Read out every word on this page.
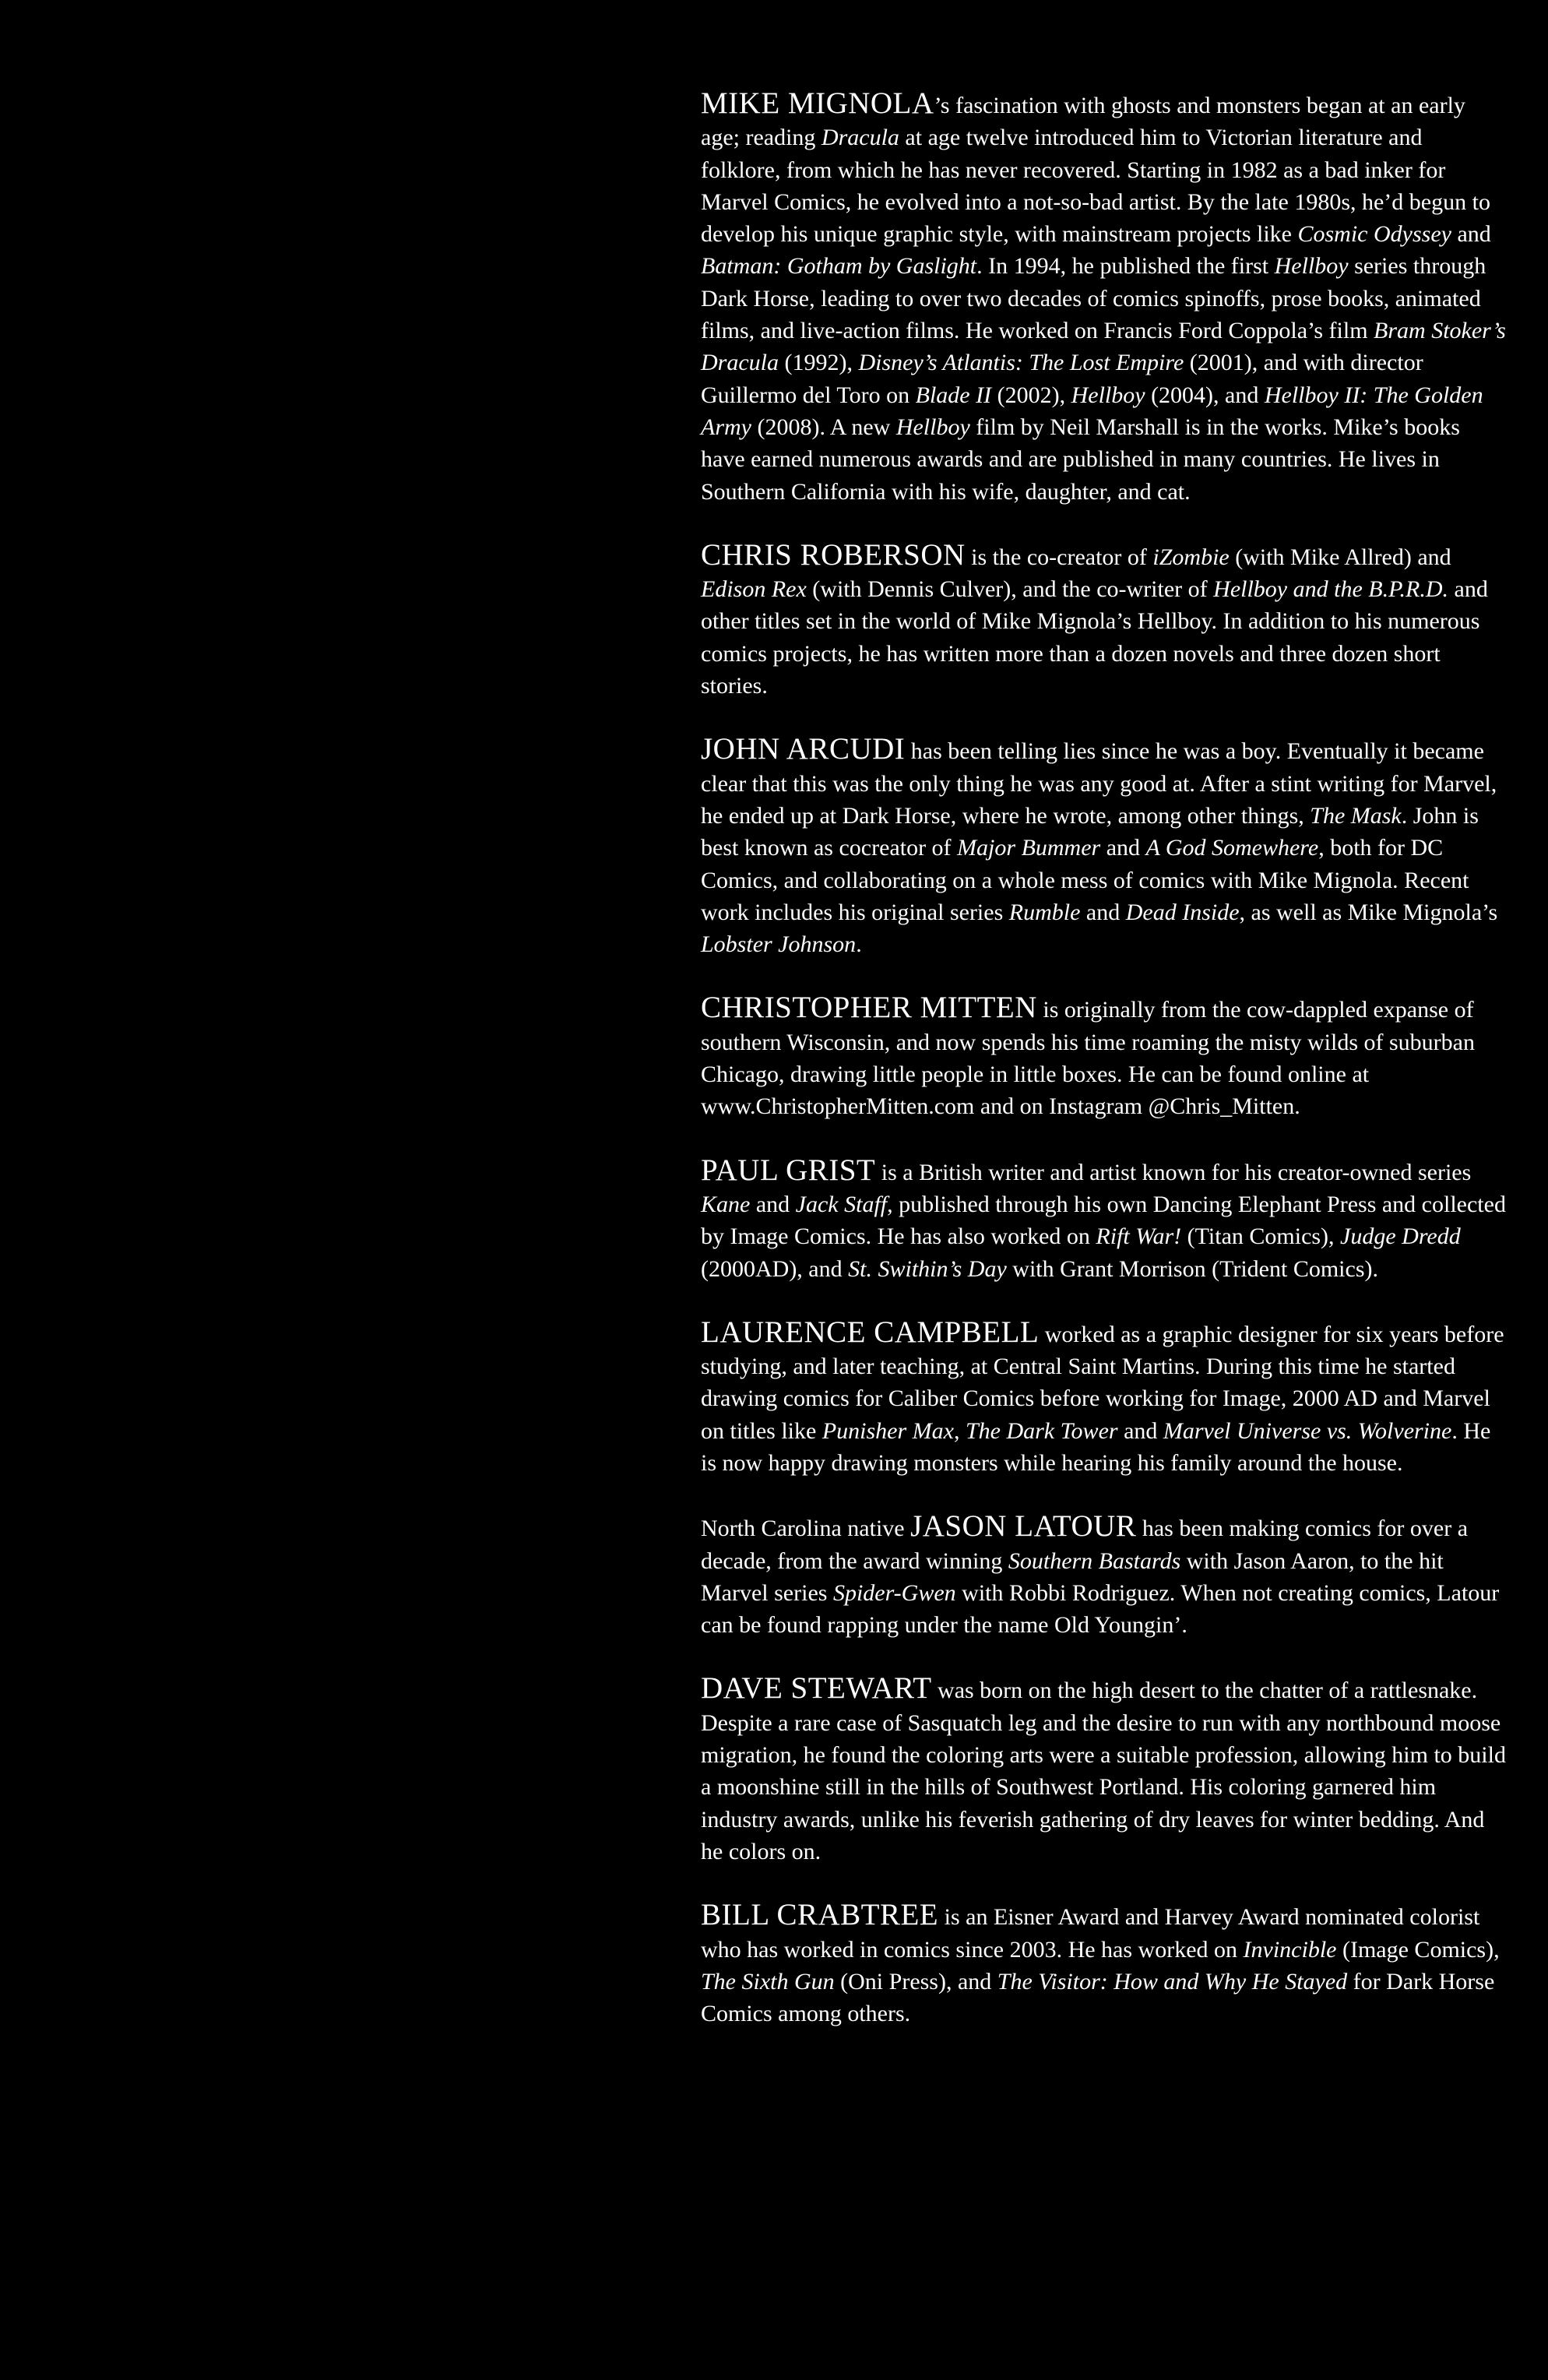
MIKE MIGNOLA’s fascination with ghosts and monsters began at an early age; reading Dracula at age twelve introduced him to Victorian literature and folklore, from which he has never recovered. Starting in 1982 as a bad inker for Marvel Comics, he evolved into a not-so-bad artist. By the late 1980s, he’d begun to develop his unique graphic style, with mainstream projects like Cosmic Odyssey and Batman: Gotham by Gaslight. In 1994, he published the first Hellboy series through Dark Horse, leading to over two decades of comics spinoffs, prose books, animated films, and live-action films. He worked on Francis Ford Coppola’s film Bram Stoker’s Dracula (1992), Disney’s Atlantis: The Lost Empire (2001), and with director Guillermo del Toro on Blade II (2002), Hellboy (2004), and Hellboy II: The Golden Army (2008). A new Hellboy film by Neil Marshall is in the works. Mike’s books have earned numerous awards and are published in many countries. He lives in Southern California with his wife, daughter, and cat.

CHRIS ROBERSON is the co-creator of iZombie (with Mike Allred) and Edison Rex (with Dennis Culver), and the co-writer of Hellboy and the B.P.R.D. and other titles set in the world of Mike Mignola’s Hellboy. In addition to his numerous comics projects, he has written more than a dozen novels and three dozen short stories.

JOHN ARCUDI has been telling lies since he was a boy. Eventually it became clear that this was the only thing he was any good at. After a stint writing for Marvel, he ended up at Dark Horse, where he wrote, among other things, The Mask. John is best known as cocreator of Major Bummer and A God Somewhere, both for DC Comics, and collaborating on a whole mess of comics with Mike Mignola. Recent work includes his original series Rumble and Dead Inside, as well as Mike Mignola’s Lobster Johnson.

CHRISTOPHER MITTEN is originally from the cow-dappled expanse of southern Wisconsin, and now spends his time roaming the misty wilds of suburban Chicago, drawing little people in little boxes. He can be found online at www.ChristopherMitten.com and on Instagram @Chris_Mitten.

PAUL GRIST is a British writer and artist known for his creator-owned series Kane and Jack Staff, published through his own Dancing Elephant Press and collected by Image Comics. He has also worked on Rift War! (Titan Comics), Judge Dredd (2000AD), and St. Swithin’s Day with Grant Morrison (Trident Comics).

LAURENCE CAMPBELL worked as a graphic designer for six years before studying, and later teaching, at Central Saint Martins. During this time he started drawing comics for Caliber Comics before working for Image, 2000 AD and Marvel on titles like Punisher Max, The Dark Tower and Marvel Universe vs. Wolverine. He is now happy drawing monsters while hearing his family around the house.

North Carolina native JASON LATOUR has been making comics for over a decade, from the award winning Southern Bastards with Jason Aaron, to the hit Marvel series Spider-Gwen with Robbi Rodriguez. When not creating comics, Latour can be found rapping under the name Old Youngin’.

DAVE STEWART was born on the high desert to the chatter of a rattlesnake. Despite a rare case of Sasquatch leg and the desire to run with any northbound moose migration, he found the coloring arts were a suitable profession, allowing him to build a moonshine still in the hills of Southwest Portland. His coloring garnered him industry awards, unlike his feverish gathering of dry leaves for winter bedding. And he colors on.

BILL CRABTREE is an Eisner Award and Harvey Award nominated colorist who has worked in comics since 2003. He has worked on Invincible (Image Comics), The Sixth Gun (Oni Press), and The Visitor: How and Why He Stayed for Dark Horse Comics among others.
